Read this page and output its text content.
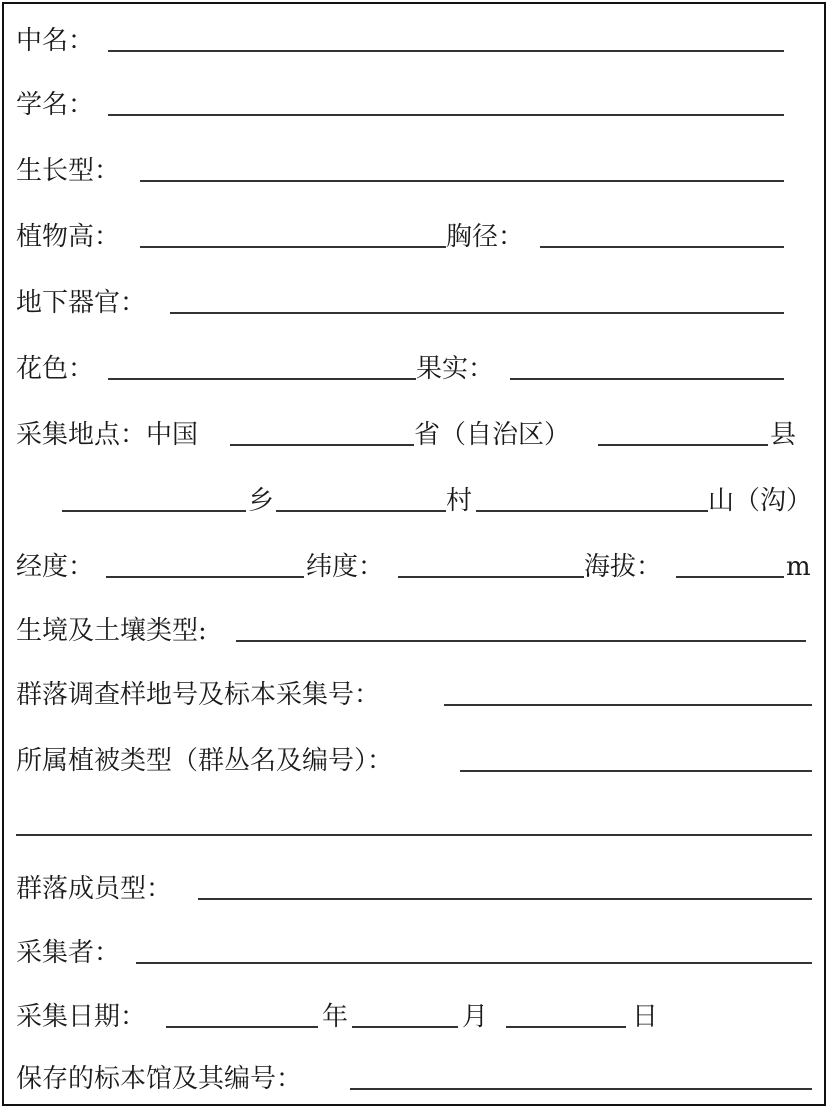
中名：
学名：
生长型：
植物高：	胸径：
地下器官：
花色：	果实：
采集地点：中国	省（自治区）	县
乡	村	山（沟）
经度：	纬度：	海拔：	m
生境及土壤类型:
群落调查样地号及标本采集号：
所属植被类型（群丛名及编号）：
群落成员型：
采集者：
采集日期：	年	月	日
保存的标本馆及其编号：
